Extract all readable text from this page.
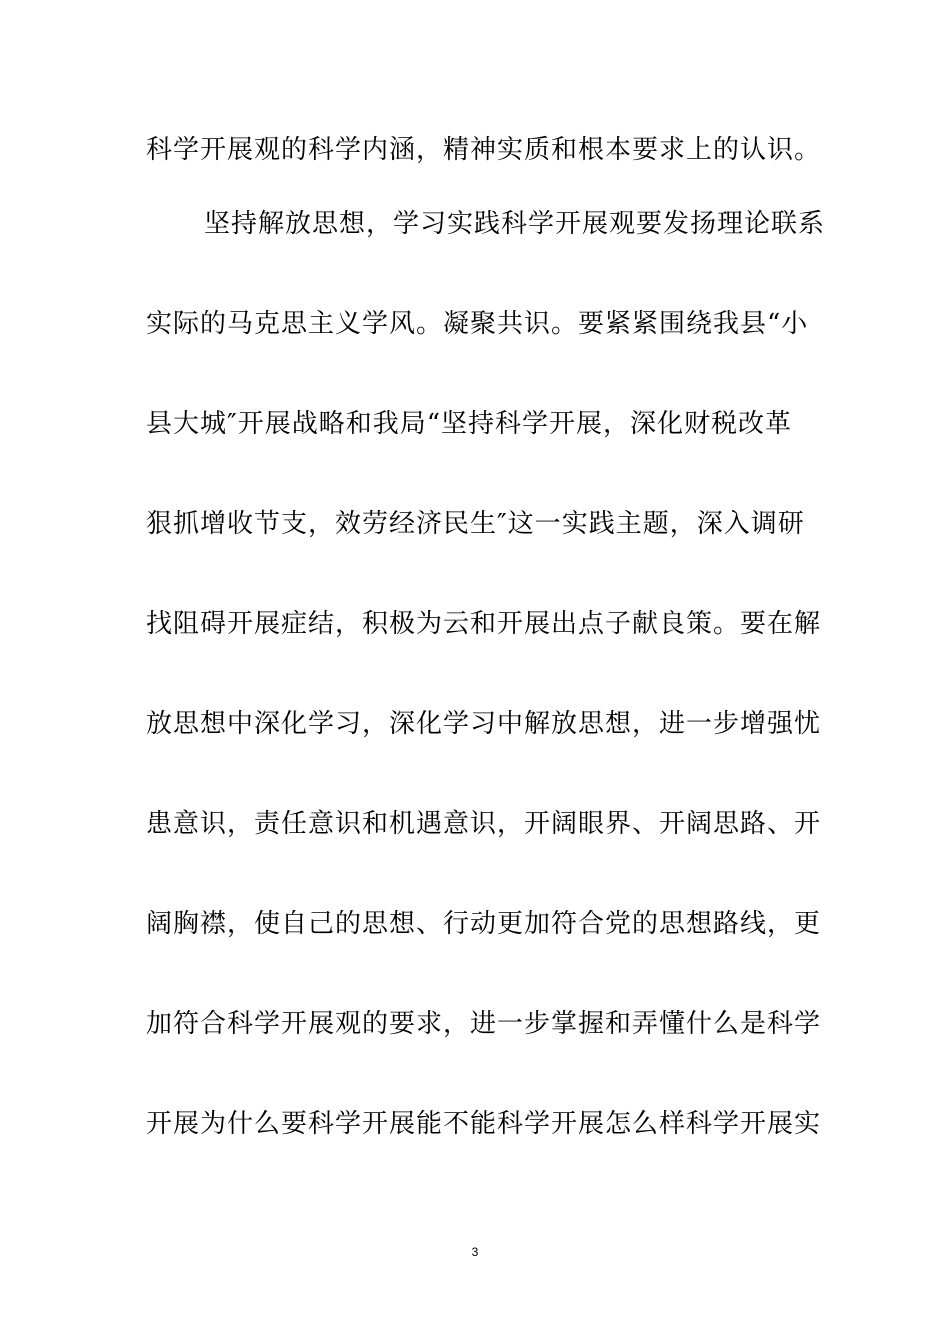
科学开展观的科学内涵，精神实质和根本要求上的认识。
坚持解放思想，学习实践科学开展观要发扬理论联系
实际的马克思主义学风。凝聚共识。要紧紧围绕我县“小
县大城″开展战略和我局“坚持科学开展，深化财税改革
狠抓增收节支，效劳经济民生″这一实践主题，深入调研
找阻碍开展症结，积极为云和开展出点子献良策。要在解
放思想中深化学习，深化学习中解放思想，进一步增强忧
患意识，责任意识和机遇意识，开阔眼界、开阔思路、开
阔胸襟，使自己的思想、行动更加符合党的思想路线，更
加符合科学开展观的要求，进一步掌握和弄懂什么是科学
开展为什么要科学开展能不能科学开展怎么样科学开展实
3
